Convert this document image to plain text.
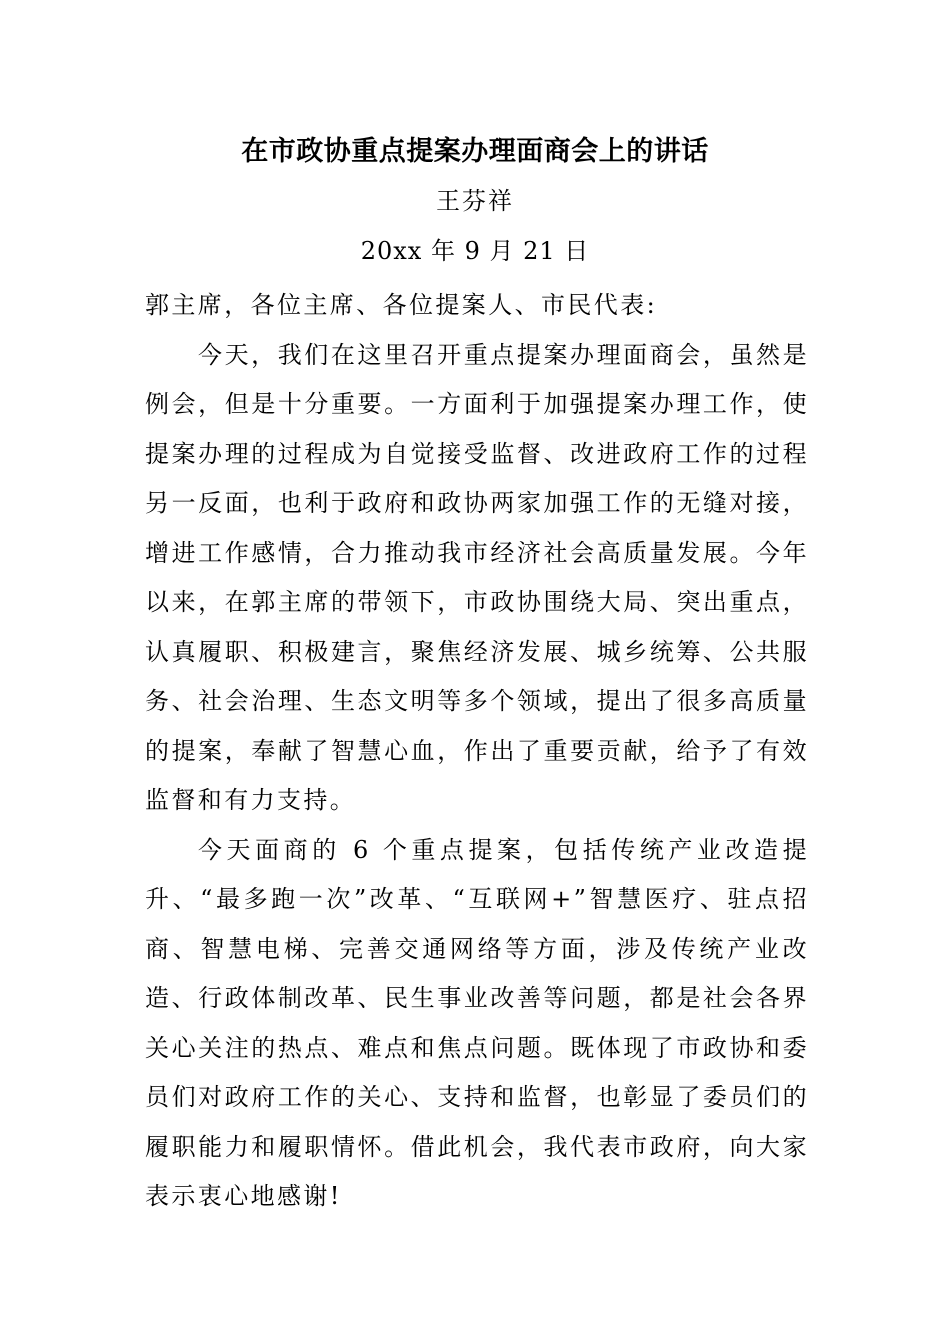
在市政协重点提案办理面商会上的讲话
王芬祥
20xx 年 9 月 21 日

郭主席，各位主席、各位提案人、市民代表:

今天，我们在这里召开重点提案办理面商会，虽然是例会，但是十分重要。一方面利于加强提案办理工作，使提案办理的过程成为自觉接受监督、改进政府工作的过程另一反面，也利于政府和政协两家加强工作的无缝对接，增进工作感情，合力推动我市经济社会高质量发展。今年以来，在郭主席的带领下，市政协围绕大局、突出重点，认真履职、积极建言，聚焦经济发展、城乡统筹、公共服务、社会治理、生态文明等多个领域，提出了很多高质量的提案，奉献了智慧心血，作出了重要贡献，给予了有效监督和有力支持。

今天面商的 6 个重点提案，包括传统产业改造提升、“最多跑一次”改革、“互联网+”智慧医疗、驻点招商、智慧电梯、完善交通网络等方面，涉及传统产业改造、行政体制改革、民生事业改善等问题，都是社会各界关心关注的热点、难点和焦点问题。既体现了市政协和委员们对政府工作的关心、支持和监督，也彰显了委员们的履职能力和履职情怀。借此机会，我代表市政府，向大家表示衷心地感谢!
